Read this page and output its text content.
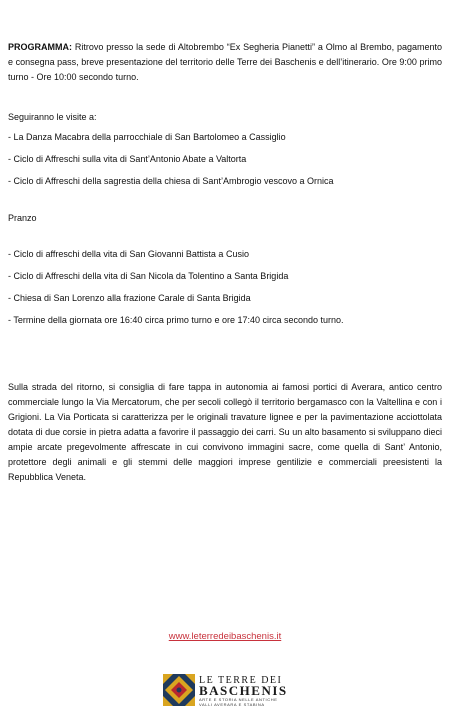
PROGRAMMA: Ritrovo presso la sede di Altobrembo “Ex Segheria Pianetti” a Olmo al Brembo, pagamento e consegna pass, breve presentazione del territorio delle Terre dei Baschenis e dell’itinerario. Ore 9:00 primo turno - Ore 10:00 secondo turno.

Seguiranno le visite a:

- La Danza Macabra della parrocchiale di San Bartolomeo a Cassiglio

- Ciclo di Affreschi sulla vita di Sant’Antonio Abate a Valtorta

- Ciclo di Affreschi della sagrestia della chiesa di Sant’Ambrogio vescovo a Ornica

Pranzo

- Ciclo di affreschi della vita di San Giovanni Battista a Cusio

- Ciclo di Affreschi della vita di San Nicola da Tolentino a Santa Brigida

- Chiesa di San Lorenzo alla frazione Carale di Santa Brigida

- Termine della giornata ore 16:40 circa primo turno e ore 17:40 circa secondo turno.

Sulla strada del ritorno, si consiglia di fare tappa in autonomia ai famosi portici di Averara, antico centro commerciale lungo la Via Mercatorum, che per secoli collegò il territorio bergamasco con la Valtellina e con i Grigioni. La Via Porticata si caratterizza per le originali travature lignee e per la pavimentazione acciottolata dotata di due corsie in pietra adatta a favorire il passaggio dei carri. Su un alto basamento si sviluppano dieci ampie arcate pregevolmente affrescate in cui convivono immagini sacre, come quella di Sant’ Antonio, protettore degli animali e gli stemmi delle maggiori imprese gentilizie e commerciali preesistenti la Repubblica Veneta.

www.leterredeibaschenis.it
LE TERRE DEI
BASCHENIS
ARTE E STORIA NELLE ANTICHE
VALLI AVERARA E STABINA
